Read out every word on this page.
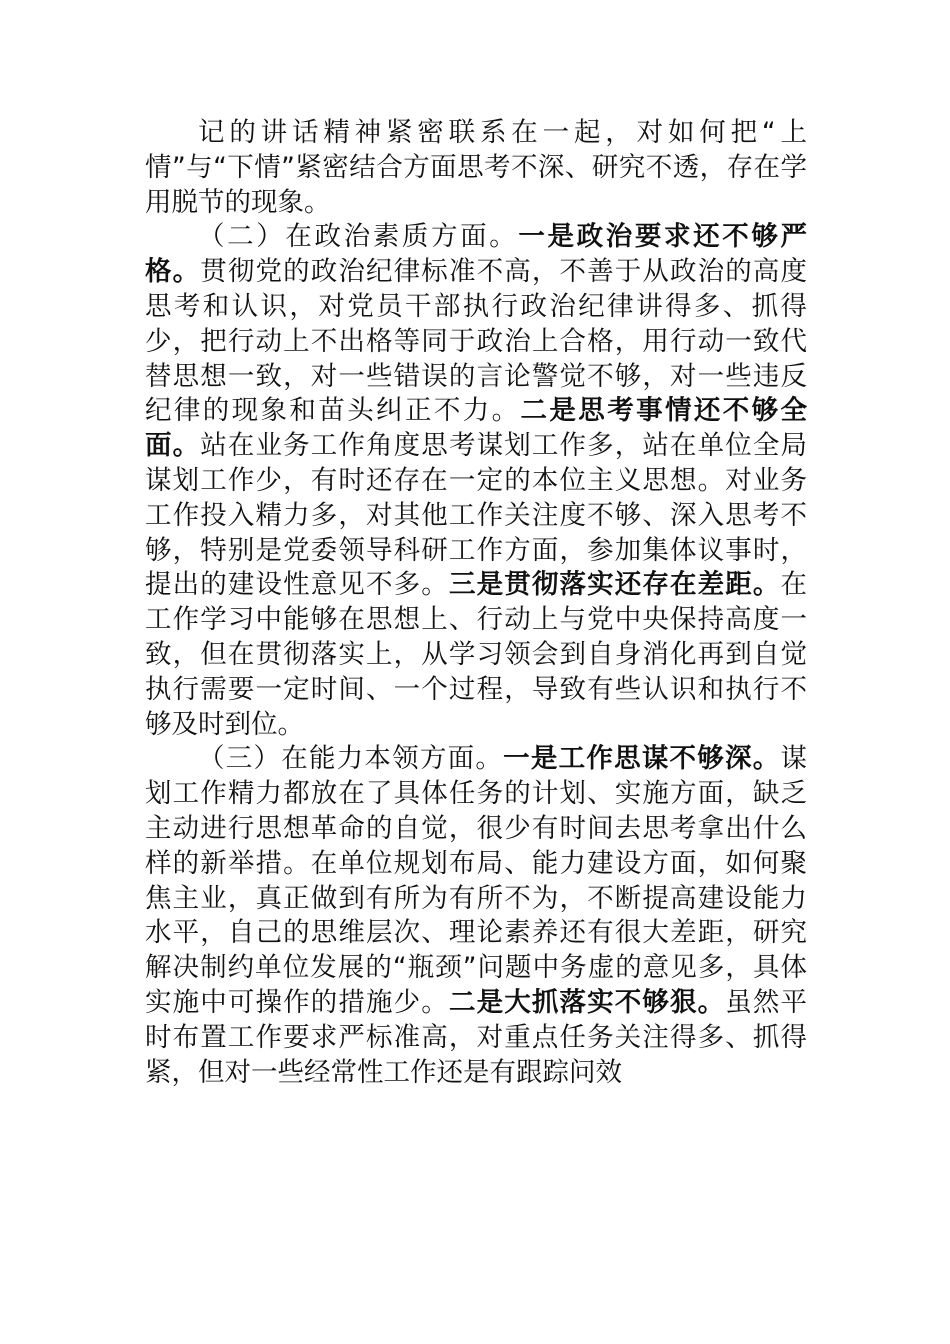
记的讲话精神紧密联系在一起，对如何把“上情”与“下情”紧密结合方面思考不深、研究不透，存在学用脱节的现象。

（二）在政治素质方面。一是政治要求还不够严格。贯彻党的政治纪律标准不高，不善于从政治的高度思考和认识，对党员干部执行政治纪律讲得多、抓得少，把行动上不出格等同于政治上合格，用行动一致代替思想一致，对一些错误的言论警觉不够，对一些违反纪律的现象和苗头纠正不力。二是思考事情还不够全面。站在业务工作角度思考谋划工作多，站在单位全局谋划工作少，有时还存在一定的本位主义思想。对业务工作投入精力多，对其他工作关注度不够、深入思考不够，特别是党委领导科研工作方面，参加集体议事时，提出的建设性意见不多。三是贯彻落实还存在差距。在工作学习中能够在思想上、行动上与党中央保持高度一致，但在贯彻落实上，从学习领会到自身消化再到自觉执行需要一定时间、一个过程，导致有些认识和执行不够及时到位。

（三）在能力本领方面。一是工作思谋不够深。谋划工作精力都放在了具体任务的计划、实施方面，缺乏主动进行思想革命的自觉，很少有时间去思考拿出什么样的新举措。在单位规划布局、能力建设方面，如何聚焦主业，真正做到有所为有所不为，不断提高建设能力水平，自己的思维层次、理论素养还有很大差距，研究解决制约单位发展的“瓶颈”问题中务虚的意见多，具体实施中可操作的措施少。二是大抓落实不够狠。虽然平时布置工作要求严标准高，对重点任务关注得多、抓得紧，但对一些经常性工作还是有跟踪问效
